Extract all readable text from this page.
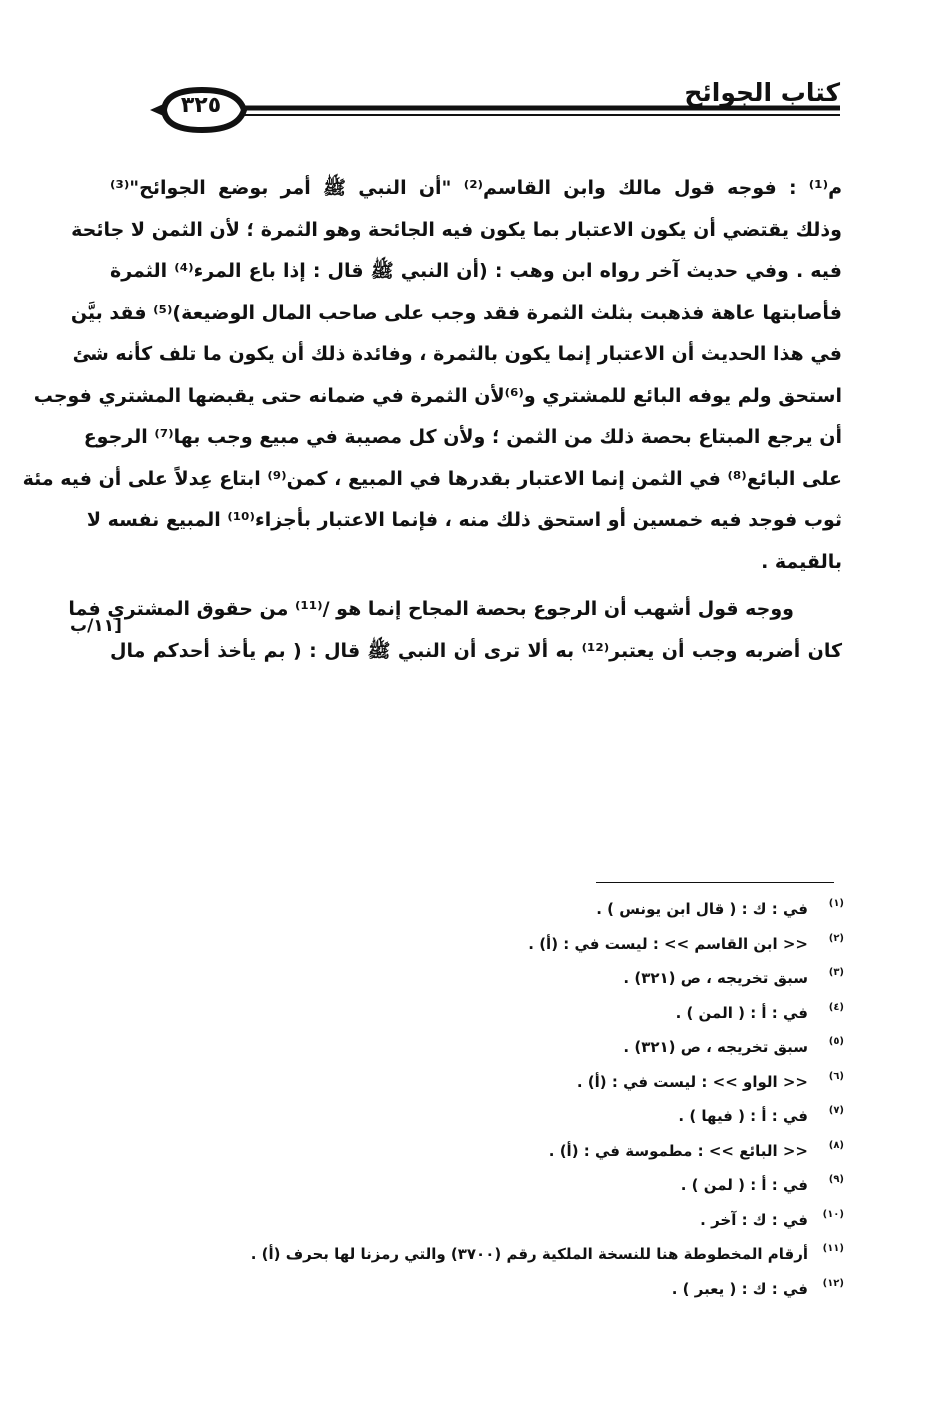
كتاب الجوائح
٣٢٥
م⁽¹⁾ : فوجه قول مالك وابن القاسم⁽²⁾ "أن النبي ﷺ أمر بوضع الجوائح"⁽³⁾
وذلك يقتضي أن يكون الاعتبار بما يكون فيه الجائحة وهو الثمرة ؛ لأن الثمن لا جائحة
فيه . وفي حديث آخر رواه ابن وهب : (أن النبي ﷺ قال : إذا باع المرء⁽⁴⁾ الثمرة
فأصابتها عاهة فذهبت بثلث الثمرة فقد وجب على صاحب المال الوضيعة)⁽⁵⁾ فقد بيَّن
في هذا الحديث أن الاعتبار إنما يكون بالثمرة ، وفائدة ذلك أن يكون ما تلف كأنه شئ
استحق ولم يوفه البائع للمشتري و⁽⁶⁾لأن الثمرة في ضمانه حتى يقبضها المشتري فوجب
أن يرجع المبتاع بحصة ذلك من الثمن ؛ ولأن كل مصيبة في مبيع وجب بها⁽⁷⁾ الرجوع
على البائع⁽⁸⁾ في الثمن إنما الاعتبار بقدرها في المبيع ، كمن⁽⁹⁾ ابتاع عِدلاً على أن فيه مئة
ثوب فوجد فيه خمسين أو استحق ذلك منه ، فإنما الاعتبار بأجزاء⁽¹⁰⁾ المبيع نفسه لا
بالقيمة .
ووجه قول أشهب أن الرجوع بحصة المجاح إنما هو /⁽¹¹⁾ من حقوق المشتري فما
كان أضربه وجب أن يعتبر⁽¹²⁾ به ألا ترى أن النبي ﷺ قال : ( بم يأخذ أحدكم مال
[١١/ب
(١)في : ك : ( قال ابن يونس ) .
(٢)<< ابن القاسم >> : ليست في : (أ) .
(٣)سبق تخريجه ، ص (٣٢١) .
(٤)في : أ : ( المن ) .
(٥)سبق تخريجه ، ص (٣٢١) .
(٦)<< الواو >> : ليست في : (أ) .
(٧)في : أ : ( فيها ) .
(٨)<< البائع >> : مطموسة في : (أ) .
(٩)في : أ : ( لمن ) .
(١٠)في : ك : آخر .
(١١)أرقام المخطوطة هنا للنسخة الملكية رقم (٣٧٠٠) والتي رمزنا لها بحرف (أ) .
(١٢)في : ك : ( يعبر ) .
